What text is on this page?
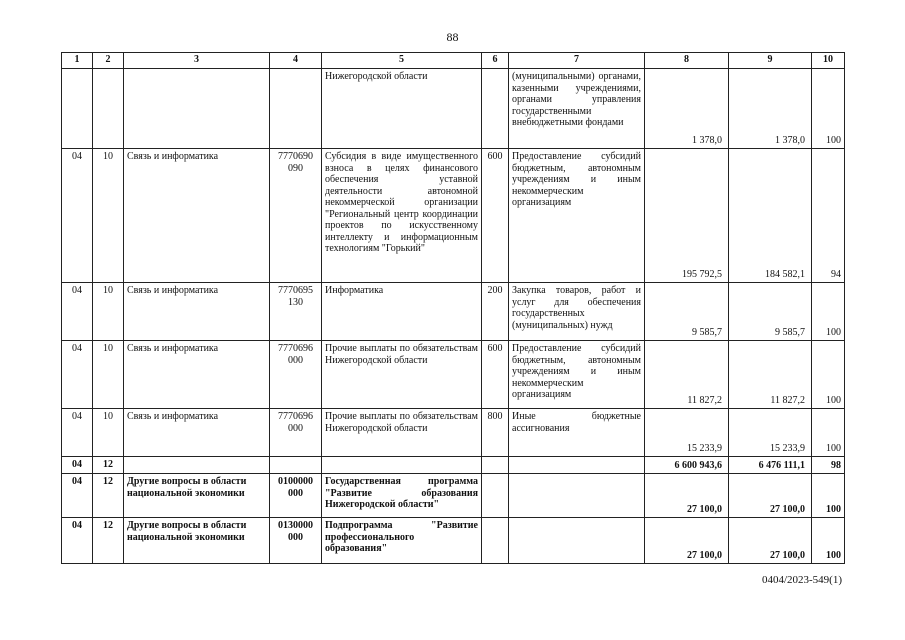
88
1	2	3	4	5	6	7	8	9	10
				Нижегородской области		(муниципальными) органами, казенными учреждениями, органами управления государственными внебюджетными фондами	1 378,0	1 378,0	100
04	10	Связь и информатика	7770690 090	Субсидия в виде имущественного взноса в целях финансового обеспечения уставной деятельности автономной некоммерческой организации "Региональный центр координации проектов по искусственному интеллекту и информационным технологиям "Горький"	600	Предоставление субсидий бюджетным, автономным учреждениям и иным некоммерческим организациям	195 792,5	184 582,1	94
04	10	Связь и информатика	7770695 130	Информатика	200	Закупка товаров, работ и услуг для обеспечения государственных (муниципальных) нужд	9 585,7	9 585,7	100
04	10	Связь и информатика	7770696 000	Прочие выплаты по обязательствам Нижегородской области	600	Предоставление субсидий бюджетным, автономным учреждениям и иным некоммерческим организациям	11 827,2	11 827,2	100
04	10	Связь и информатика	7770696 000	Прочие выплаты по обязательствам Нижегородской области	800	Иные бюджетные ассигнования	15 233,9	15 233,9	100
04	12						6 600 943,6	6 476 111,1	98
04	12	Другие вопросы в области национальной экономики	0100000 000	Государственная программа "Развитие образования Нижегородской области"			27 100,0	27 100,0	100
04	12	Другие вопросы в области национальной экономики	0130000 000	Подпрограмма "Развитие профессионального образования"			27 100,0	27 100,0	100
0404/2023-549(1)
